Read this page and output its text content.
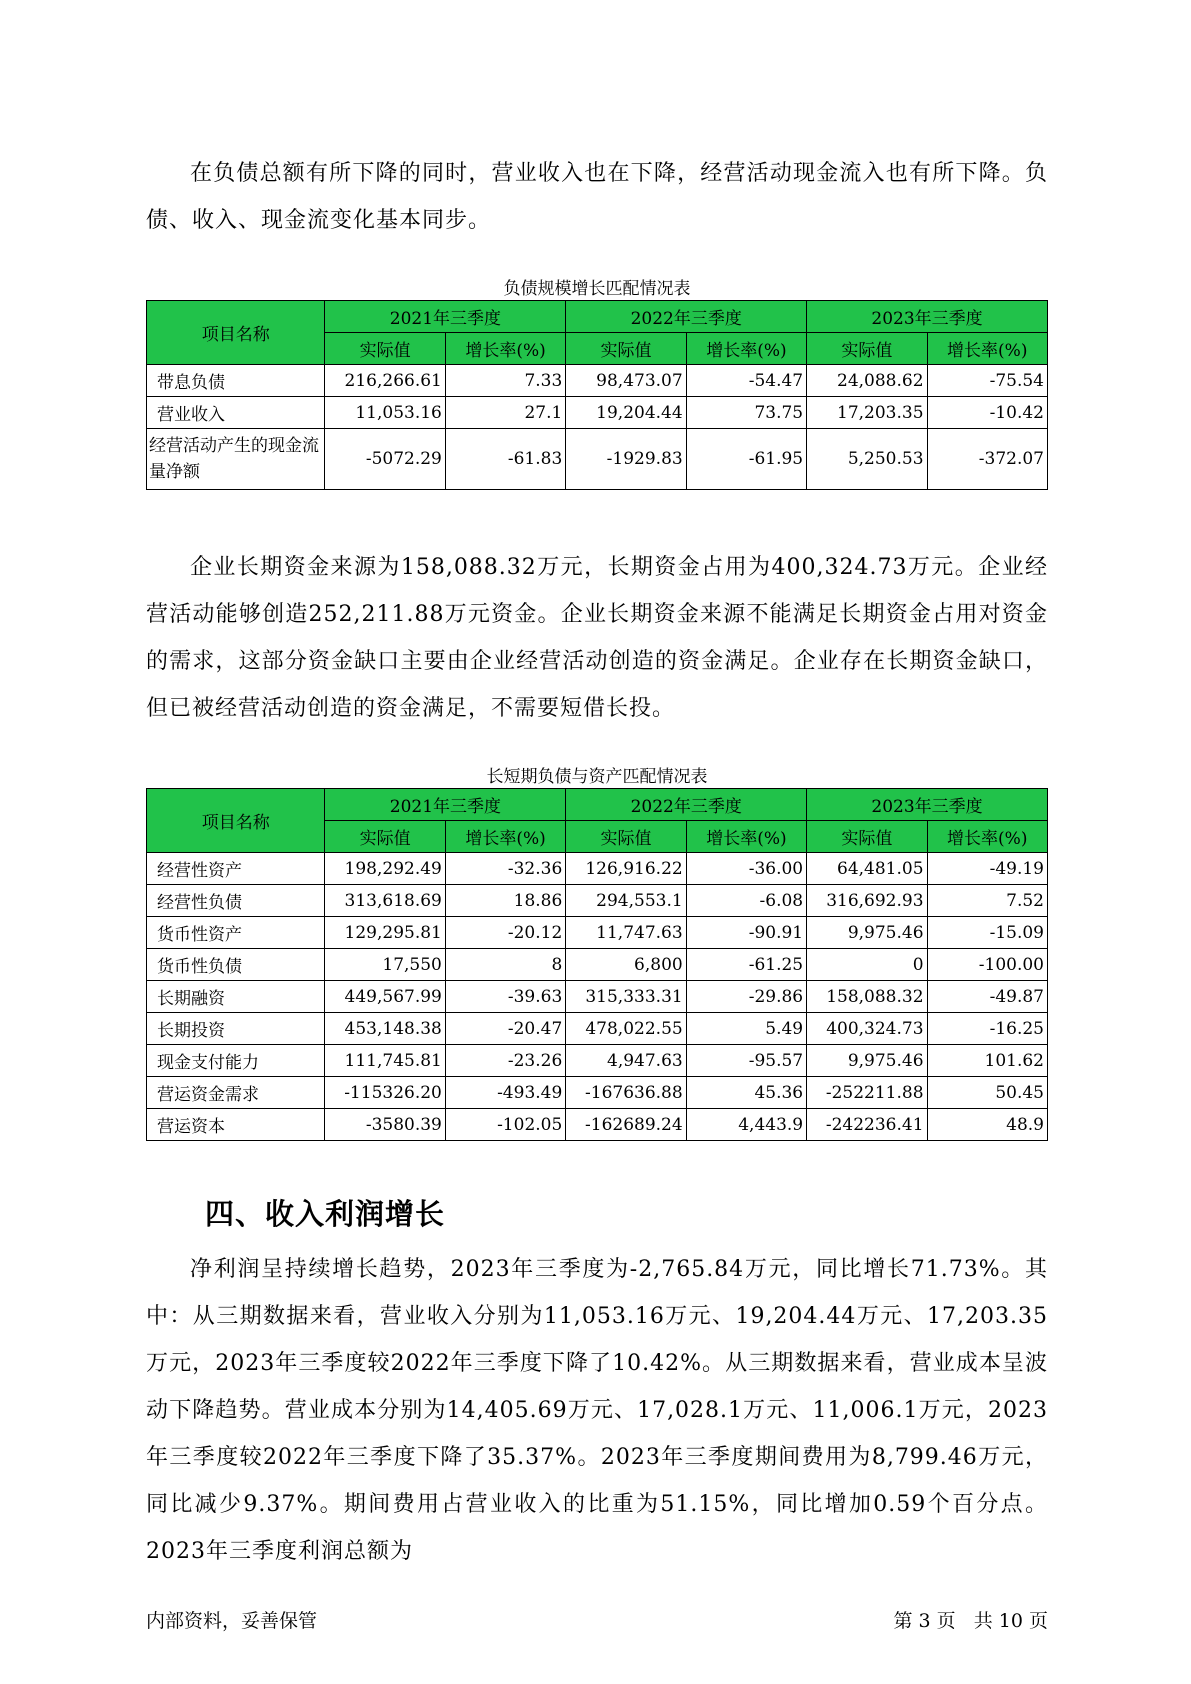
在负债总额有所下降的同时，营业收入也在下降，经营活动现金流入也有所下降。负债、收入、现金流变化基本同步。

负债规模增长匹配情况表

项目名称	2021年三季度		2022年三季度		2023年三季度	
	实际值	增长率(%)	实际值	增长率(%)	实际值	增长率(%)
带息负债	216,266.61	7.33	98,473.07	-54.47	24,088.62	-75.54
营业收入	11,053.16	27.1	19,204.44	73.75	17,203.35	-10.42
经营活动产生的现金流量净额	-5072.29	-61.83	-1929.83	-61.95	5,250.53	-372.07

企业长期资金来源为158,088.32万元，长期资金占用为400,324.73万元。企业经营活动能够创造252,211.88万元资金。企业长期资金来源不能满足长期资金占用对资金的需求，这部分资金缺口主要由企业经营活动创造的资金满足。企业存在长期资金缺口，但已被经营活动创造的资金满足，不需要短借长投。

长短期负债与资产匹配情况表

项目名称	2021年三季度		2022年三季度		2023年三季度	
	实际值	增长率(%)	实际值	增长率(%)	实际值	增长率(%)
经营性资产	198,292.49	-32.36	126,916.22	-36.00	64,481.05	-49.19
经营性负债	313,618.69	18.86	294,553.1	-6.08	316,692.93	7.52
货币性资产	129,295.81	-20.12	11,747.63	-90.91	9,975.46	-15.09
货币性负债	17,550	8	6,800	-61.25	0	-100.00
长期融资	449,567.99	-39.63	315,333.31	-29.86	158,088.32	-49.87
长期投资	453,148.38	-20.47	478,022.55	5.49	400,324.73	-16.25
现金支付能力	111,745.81	-23.26	4,947.63	-95.57	9,975.46	101.62
营运资金需求	-115326.20	-493.49	-167636.88	45.36	-252211.88	50.45
营运资本	-3580.39	-102.05	-162689.24	4,443.9	-242236.41	48.9
四、收入利润增长

净利润呈持续增长趋势，2023年三季度为-2,765.84万元，同比增长71.73%。其中：从三期数据来看，营业收入分别为11,053.16万元、19,204.44万元、17,203.35万元，2023年三季度较2022年三季度下降了10.42%。从三期数据来看，营业成本呈波动下降趋势。营业成本分别为14,405.69万元、17,028.1万元、11,006.1万元，2023年三季度较2022年三季度下降了35.37%。2023年三季度期间费用为8,799.46万元，同比减少9.37%。期间费用占营业收入的比重为51.15%，同比增加0.59个百分点。2023年三季度利润总额为

内部资料，妥善保管	第 3 页   共 10 页
